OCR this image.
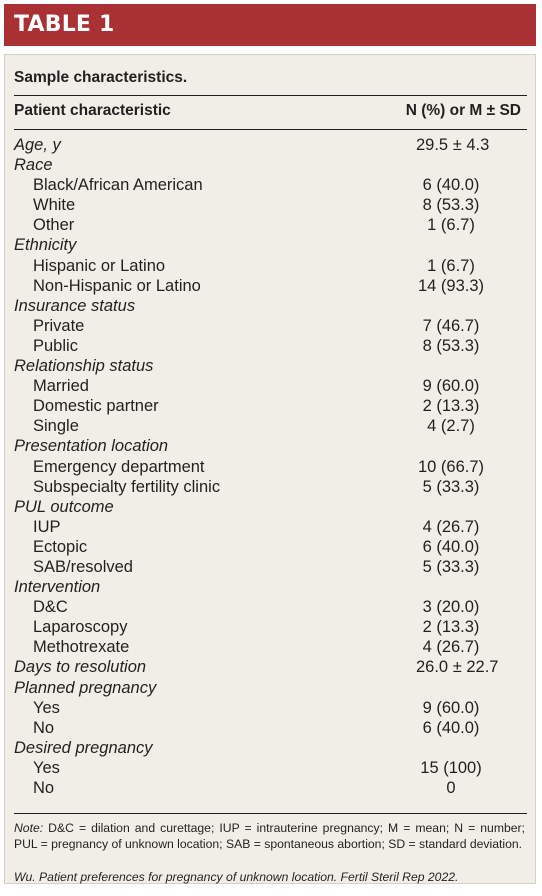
TABLE 1
Sample characteristics.
Patient characteristic	N (%) or M ± SD
Age, y	29.5 ± 4.3
Race
Black/African American	6 (40.0)
White	8 (53.3)
Other	1 (6.7)
Ethnicity
Hispanic or Latino	1 (6.7)
Non-Hispanic or Latino	14 (93.3)
Insurance status
Private	7 (46.7)
Public	8 (53.3)
Relationship status
Married	9 (60.0)
Domestic partner	2 (13.3)
Single	4 (2.7)
Presentation location
Emergency department	10 (66.7)
Subspecialty fertility clinic	5 (33.3)
PUL outcome
IUP	4 (26.7)
Ectopic	6 (40.0)
SAB/resolved	5 (33.3)
Intervention
D&C	3 (20.0)
Laparoscopy	2 (13.3)
Methotrexate	4 (26.7)
Days to resolution	26.0 ± 22.7
Planned pregnancy
Yes	9 (60.0)
No	6 (40.0)
Desired pregnancy
Yes	15 (100)
No	0
Note: D&C = dilation and curettage; IUP = intrauterine pregnancy; M = mean; N = number; PUL = pregnancy of unknown location; SAB = spontaneous abortion; SD = standard deviation.
Wu. Patient preferences for pregnancy of unknown location. Fertil Steril Rep 2022.
